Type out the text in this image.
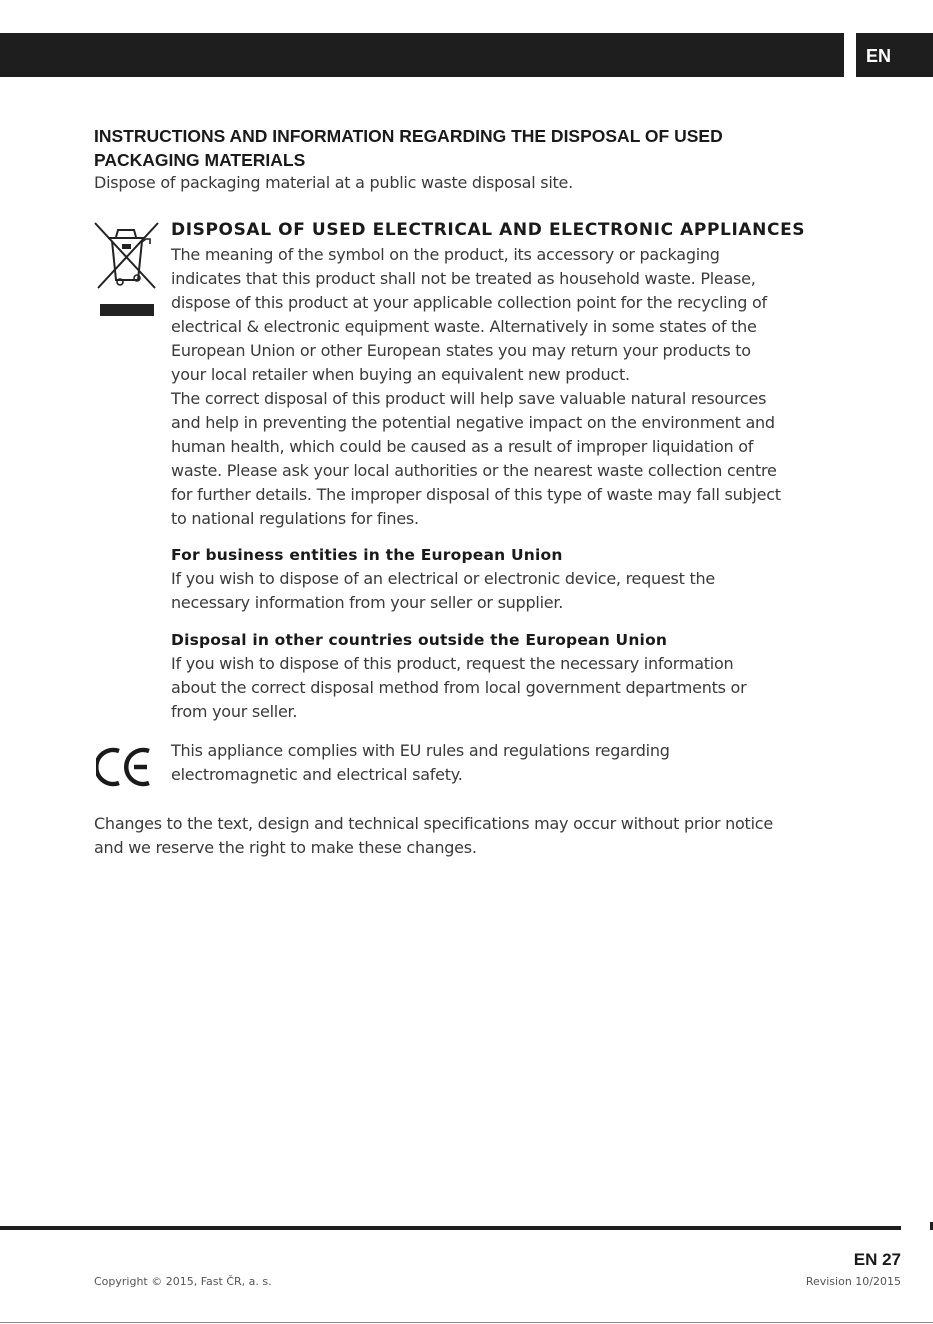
EN
INSTRUCTIONS AND INFORMATION REGARDING THE DISPOSAL OF USED
PACKAGING MATERIALS
Dispose of packaging material at a public waste disposal site.
DISPOSAL OF USED ELECTRICAL AND ELECTRONIC APPLIANCES
The meaning of the symbol on the product, its accessory or packaging
indicates that this product shall not be treated as household waste. Please,
dispose of this product at your applicable collection point for the recycling of
electrical & electronic equipment waste. Alternatively in some states of the
European Union or other European states you may return your products to
your local retailer when buying an equivalent new product.
The correct disposal of this product will help save valuable natural resources
and help in preventing the potential negative impact on the environment and
human health, which could be caused as a result of improper liquidation of
waste. Please ask your local authorities or the nearest waste collection centre
for further details. The improper disposal of this type of waste may fall subject
to national regulations for fines.
For business entities in the European Union
If you wish to dispose of an electrical or electronic device, request the
necessary information from your seller or supplier.
Disposal in other countries outside the European Union
If you wish to dispose of this product, request the necessary information
about the correct disposal method from local government departments or
from your seller.
This appliance complies with EU rules and regulations regarding
electromagnetic and electrical safety.
Changes to the text, design and technical specifications may occur without prior notice
and we reserve the right to make these changes.
EN 27
Copyright © 2015, Fast ČR, a. s.	Revision 10/2015
